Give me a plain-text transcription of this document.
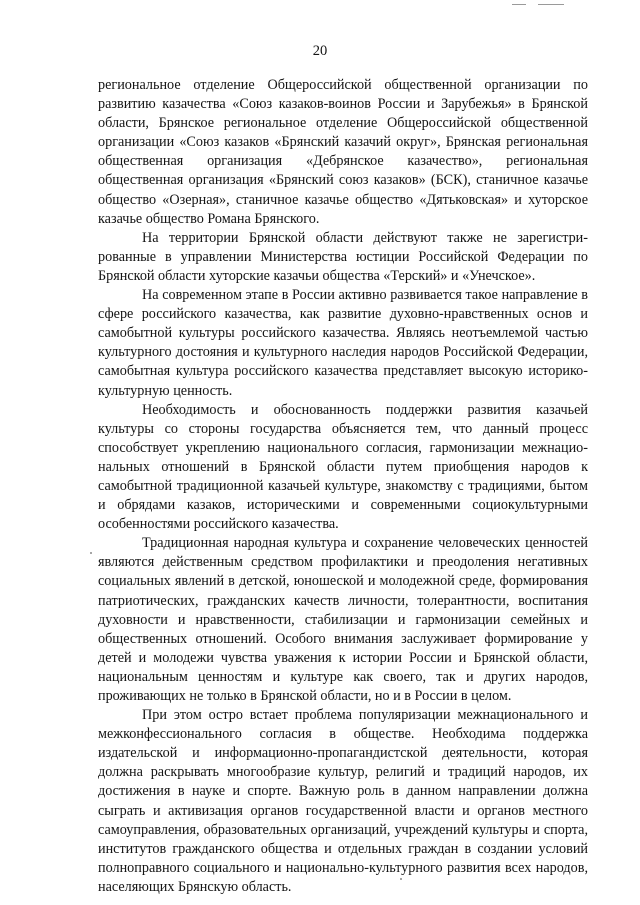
20

региональное отделение Общероссийской общественной организации по развитию казачества «Союз казаков-воинов России и Зарубежья» в Брянской области, Брянское региональное отделение Общероссийской общественной организации «Союз казаков «Брянский казачий округ», Брянская региональная общественная организация «Дебрянское казачество», региональная общественная организация «Брянский союз казаков» (БСК), станичное казачье общество «Озерная», станичное казачье общество «Дятьковская» и хуторское казачье общество Романа Брянского.

На территории Брянской области действуют также не зарегистрированные в управлении Министерства юстиции Российской Федерации по Брянской области хуторские казачьи общества «Терский» и «Унечское».

На современном этапе в России активно развивается такое направление в сфере российского казачества, как развитие духовно-нравственных основ и самобытной культуры российского казачества. Являясь неотъемлемой частью культурного достояния и культурного наследия народов Российской Федерации, самобытная культура российского казачества представляет высокую историко-культурную ценность.

Необходимость и обоснованность поддержки развития казачьей культуры со стороны государства объясняется тем, что данный процесс способствует укреплению национального согласия, гармонизации межнациональных отношений в Брянской области путем приобщения народов к самобытной традиционной казачьей культуре, знакомству с традициями, бытом и обрядами казаков, историческими и современными социокультурными особенностями российского казачества.

Традиционная народная культура и сохранение человеческих ценностей являются действенным средством профилактики и преодоления негативных социальных явлений в детской, юношеской и молодежной среде, формирования патриотических, гражданских качеств личности, толерантности, воспитания духовности и нравственности, стабилизации и гармонизации семейных и общественных отношений. Особого внимания заслуживает формирование у детей и молодежи чувства уважения к истории России и Брянской области, национальным ценностям и культуре как своего, так и других народов, проживающих не только в Брянской области, но и в России в целом.

При этом остро встает проблема популяризации межнационального и межконфессионального согласия в обществе. Необходима поддержка издательской и информационно-пропагандистской деятельности, которая должна раскрывать многообразие культур, религий и традиций народов, их достижения в науке и спорте. Важную роль в данном направлении должна сыграть и активизация органов государственной власти и органов местного самоуправления, образовательных организаций, учреждений культуры и спорта, институтов гражданского общества и отдельных граждан в создании условий полноправного социального и национально-культурного развития всех народов, населяющих Брянскую область.
